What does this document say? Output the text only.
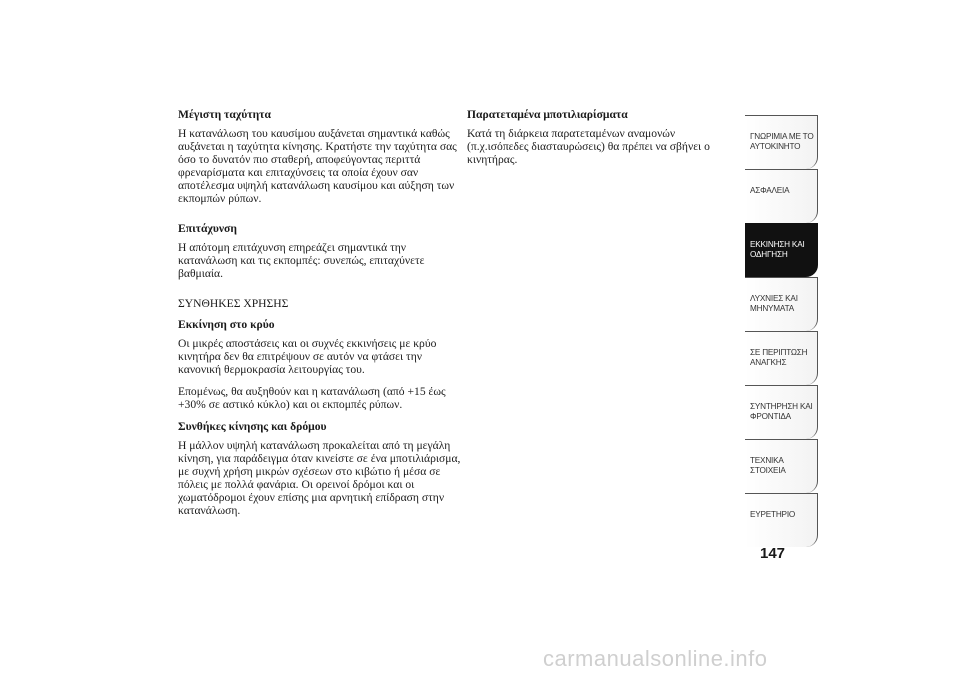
Μέγιστη ταχύτητα
Η κατανάλωση του καυσίμου αυξάνεται σημαντικά καθώς αυξάνεται η ταχύτητα κίνησης. Κρατήστε την ταχύτητα σας όσο το δυνατόν πιο σταθερή, αποφεύγοντας περιττά φρεναρίσματα και επιταχύνσεις τα οποία έχουν σαν αποτέλεσμα υψηλή κατανάλωση καυσίμου και αύξηση των εκπομπών ρύπων.
Επιτάχυνση
Η απότομη επιτάχυνση επηρεάζει σημαντικά την κατανάλωση και τις εκπομπές: συνεπώς, επιταχύνετε βαθμιαία.
ΣΥΝΘΗΚΕΣ ΧΡΗΣΗΣ
Εκκίνηση στο κρύο
Οι μικρές αποστάσεις και οι συχνές εκκινήσεις με κρύο κινητήρα δεν θα επιτρέψουν σε αυτόν να φτάσει την κανονική θερμοκρασία λειτουργίας του.
Επομένως, θα αυξηθούν και η κατανάλωση (από +15 έως +30% σε αστικό κύκλο) και οι εκπομπές ρύπων.
Συνθήκες κίνησης και δρόμου
Η μάλλον υψηλή κατανάλωση προκαλείται από τη μεγάλη κίνηση, για παράδειγμα όταν κινείστε σε ένα μποτιλιάρισμα, με συχνή χρήση μικρών σχέσεων στο κιβώτιο ή μέσα σε πόλεις με πολλά φανάρια. Οι ορεινοί δρόμοι και οι χωματόδρομοι έχουν επίσης μια αρνητική επίδραση στην κατανάλωση.
Παρατεταμένα μποτιλιαρίσματα
Κατά τη διάρκεια παρατεταμένων αναμονών (π.χ.ισόπεδες διασταυρώσεις) θα πρέπει να σβήνει ο κινητήρας.
ΓΝΩΡΙΜΙΑ ΜΕ ΤΟ
ΑΥΤΟΚΙΝΗΤΟ
ΑΣΦΑΛΕΙΑ
ΕΚΚΙΝΗΣΗ ΚΑΙ
ΟΔΗΓΗΣΗ
ΛΥΧΝΙΕΣ ΚΑΙ
ΜΗΝΥΜΑΤΑ
ΣΕ ΠΕΡΙΠΤΩΣΗ
ΑΝΑΓΚΗΣ
ΣΥΝΤΗΡΗΣΗ ΚΑΙ
ΦΡΟΝΤΙΔΑ
ΤΕΧΝΙΚΑ ΣΤΟΙΧΕΙΑ
ΕΥΡΕΤΗΡΙΟ
147
carmanualsonline.info
